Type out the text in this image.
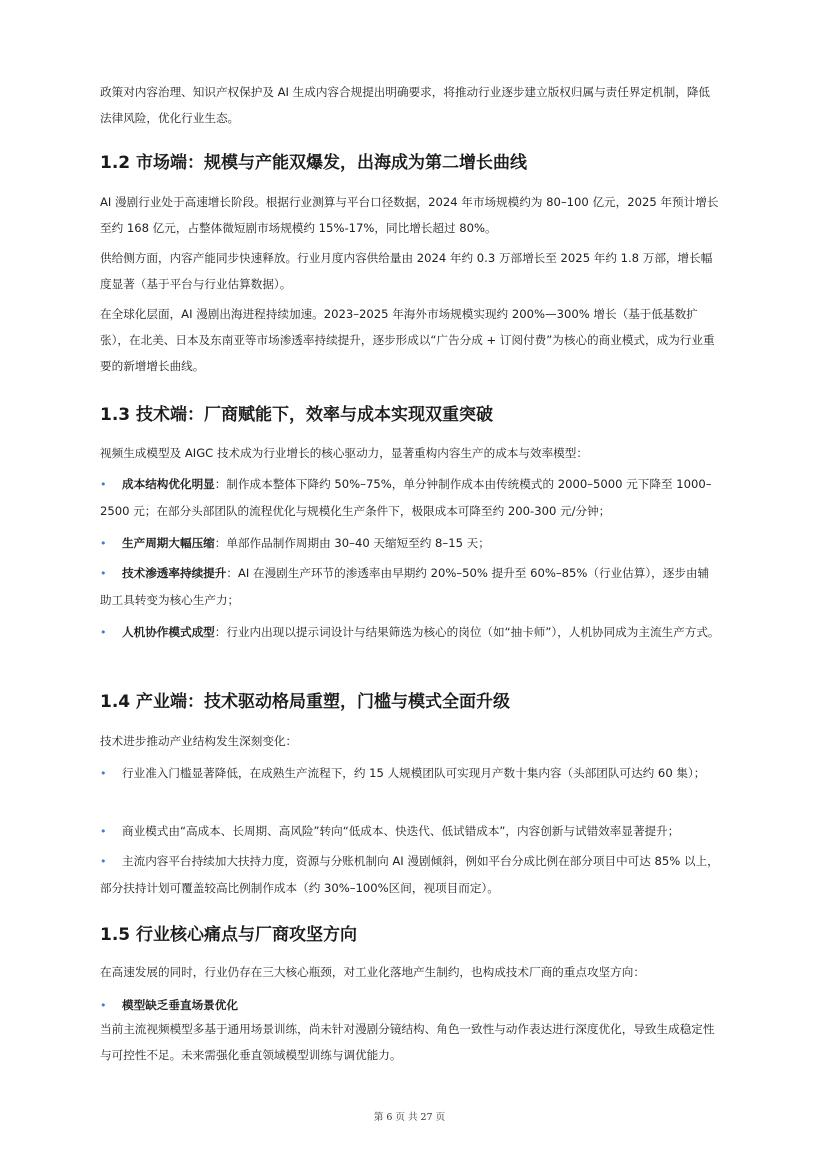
政策对内容治理、知识产权保护及 AI 生成内容合规提出明确要求，将推动行业逐步建立版权归属与责任界定机制，降低法律风险，优化行业生态。

1.2 市场端：规模与产能双爆发，出海成为第二增长曲线

AI 漫剧行业处于高速增长阶段。根据行业测算与平台口径数据，2024 年市场规模约为 80–100 亿元，2025 年预计增长至约 168 亿元，占整体微短剧市场规模约 15%-17%，同比增长超过 80%。

供给侧方面，内容产能同步快速释放。行业月度内容供给量由 2024 年约 0.3 万部增长至 2025 年约 1.8 万部，增长幅度显著（基于平台与行业估算数据）。

在全球化层面，AI 漫剧出海进程持续加速。2023–2025 年海外市场规模实现约 200%—300% 增长（基于低基数扩张），在北美、日本及东南亚等市场渗透率持续提升，逐步形成以“广告分成 + 订阅付费”为核心的商业模式，成为行业重要的新增增长曲线。

1.3 技术端：厂商赋能下，效率与成本实现双重突破

视频生成模型及 AIGC 技术成为行业增长的核心驱动力，显著重构内容生产的成本与效率模型：

• 成本结构优化明显：制作成本整体下降约 50%–75%，单分钟制作成本由传统模式的 2000–5000 元下降至 1000–2500 元；在部分头部团队的流程优化与规模化生产条件下，极限成本可降至约 200-300 元/分钟；
• 生产周期大幅压缩：单部作品制作周期由 30–40 天缩短至约 8–15 天；
• 技术渗透率持续提升：AI 在漫剧生产环节的渗透率由早期约 20%–50% 提升至 60%–85%（行业估算），逐步由辅助工具转变为核心生产力；
• 人机协作模式成型：行业内出现以提示词设计与结果筛选为核心的岗位（如“抽卡师”），人机协同成为主流生产方式。
1.4 产业端：技术驱动格局重塑，门槛与模式全面升级

技术进步推动产业结构发生深刻变化：

• 行业准入门槛显著降低，在成熟生产流程下，约 15 人规模团队可实现月产数十集内容（头部团队可达约 60 集）；
• 商业模式由“高成本、长周期、高风险”转向“低成本、快迭代、低试错成本”，内容创新与试错效率显著提升；
• 主流内容平台持续加大扶持力度，资源与分账机制向 AI 漫剧倾斜，例如平台分成比例在部分项目中可达 85% 以上，部分扶持计划可覆盖较高比例制作成本（约 30%–100%区间，视项目而定）。
1.5 行业核心痛点与厂商攻坚方向

在高速发展的同时，行业仍存在三大核心瓶颈，对工业化落地产生制约，也构成技术厂商的重点攻坚方向：

• 模型缺乏垂直场景优化

当前主流视频模型多基于通用场景训练，尚未针对漫剧分镜结构、角色一致性与动作表达进行深度优化，导致生成稳定性与可控性不足。未来需强化垂直领域模型训练与调优能力。

第 6 页 共 27 页
